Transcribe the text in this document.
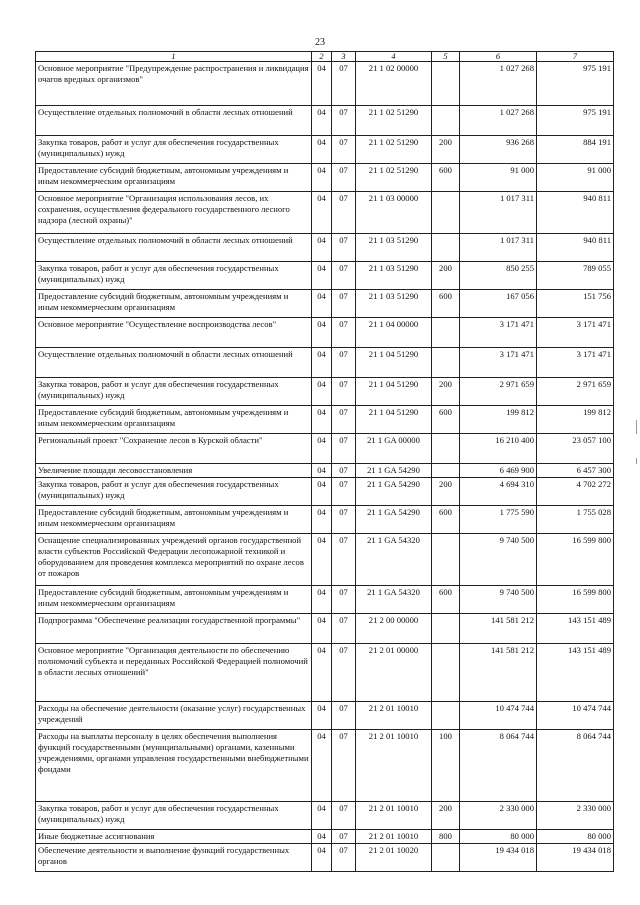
23
1	2	3	4	5	6	7
Основное мероприятие "Предупреждение распространения и ликвидация очагов вредных организмов"	04	07	21 1 02 00000		1 027 268	975 191
Осуществление отдельных полномочий в области лесных отношений	04	07	21 1 02 51290		1 027 268	975 191
Закупка товаров, работ и услуг для обеспечения государственных (муниципальных) нужд	04	07	21 1 02 51290	200	936 268	884 191
Предоставление субсидий бюджетным, автономным учреждениям и иным некоммерческим организациям	04	07	21 1 02 51290	600	91 000	91 000
Основное мероприятие "Организация использования лесов, их сохранения, осуществления федерального государственного лесного надзора (лесной охраны)"	04	07	21 1 03 00000		1 017 311	940 811
Осуществление отдельных полномочий в области лесных отношений	04	07	21 1 03 51290		1 017 311	940 811
Закупка товаров, работ и услуг для обеспечения государственных (муниципальных) нужд	04	07	21 1 03 51290	200	850 255	789 055
Предоставление субсидий бюджетным, автономным учреждениям и иным некоммерческим организациям	04	07	21 1 03 51290	600	167 056	151 756
Основное мероприятие "Осуществление воспроизводства лесов"	04	07	21 1 04 00000		3 171 471	3 171 471
Осуществление отдельных полномочий в области лесных отношений	04	07	21 1 04 51290		3 171 471	3 171 471
Закупка товаров, работ и услуг для обеспечения государственных (муниципальных) нужд	04	07	21 1 04 51290	200	2 971 659	2 971 659
Предоставление субсидий бюджетным, автономным учреждениям и иным некоммерческим организациям	04	07	21 1 04 51290	600	199 812	199 812
Региональный проект "Сохранение лесов в Курской области"	04	07	21 1 GA 00000		16 210 400	23 057 100
Увеличение площади лесовосстановления	04	07	21 1 GA 54290		6 469 900	6 457 300
Закупка товаров, работ и услуг для обеспечения государственных (муниципальных) нужд	04	07	21 1 GA 54290	200	4 694 310	4 702 272
Предоставление субсидий бюджетным, автономным учреждениям и иным некоммерческим организациям	04	07	21 1 GA 54290	600	1 775 590	1 755 028
Оснащение специализированных учреждений органов государственной власти субъектов Российской Федерации лесопожарной техникой и оборудованием для проведения комплекса мероприятий по охране лесов от пожаров	04	07	21 1 GA 54320		9 740 500	16 599 800
Предоставление субсидий бюджетным, автономным учреждениям и иным некоммерческим организациям	04	07	21 1 GA 54320	600	9 740 500	16 599 800
Подпрограмма "Обеспечение реализации государственной программы"	04	07	21 2 00 00000		141 581 212	143 151 489
Основное мероприятие "Организация деятельности по обеспечению полномочий субъекта и переданных Российской Федерацией полномочий в области лесных отношений"	04	07	21 2 01 00000		141 581 212	143 151 489
Расходы на обеспечение деятельности (оказание услуг) государственных учреждений	04	07	21 2 01 10010		10 474 744	10 474 744
Расходы на выплаты персоналу в целях обеспечения выполнения функций государственными (муниципальными) органами, казенными учреждениями, органами управления государственными внебюджетными фондами	04	07	21 2 01 10010	100	8 064 744	8 064 744
Закупка товаров, работ и услуг для обеспечения государственных (муниципальных) нужд	04	07	21 2 01 10010	200	2 330 000	2 330 000
Иные бюджетные ассигнования	04	07	21 2 01 10010	800	80 000	80 000
Обеспечение деятельности и выполнение функций государственных органов	04	07	21 2 01 10020		19 434 018	19 434 018
